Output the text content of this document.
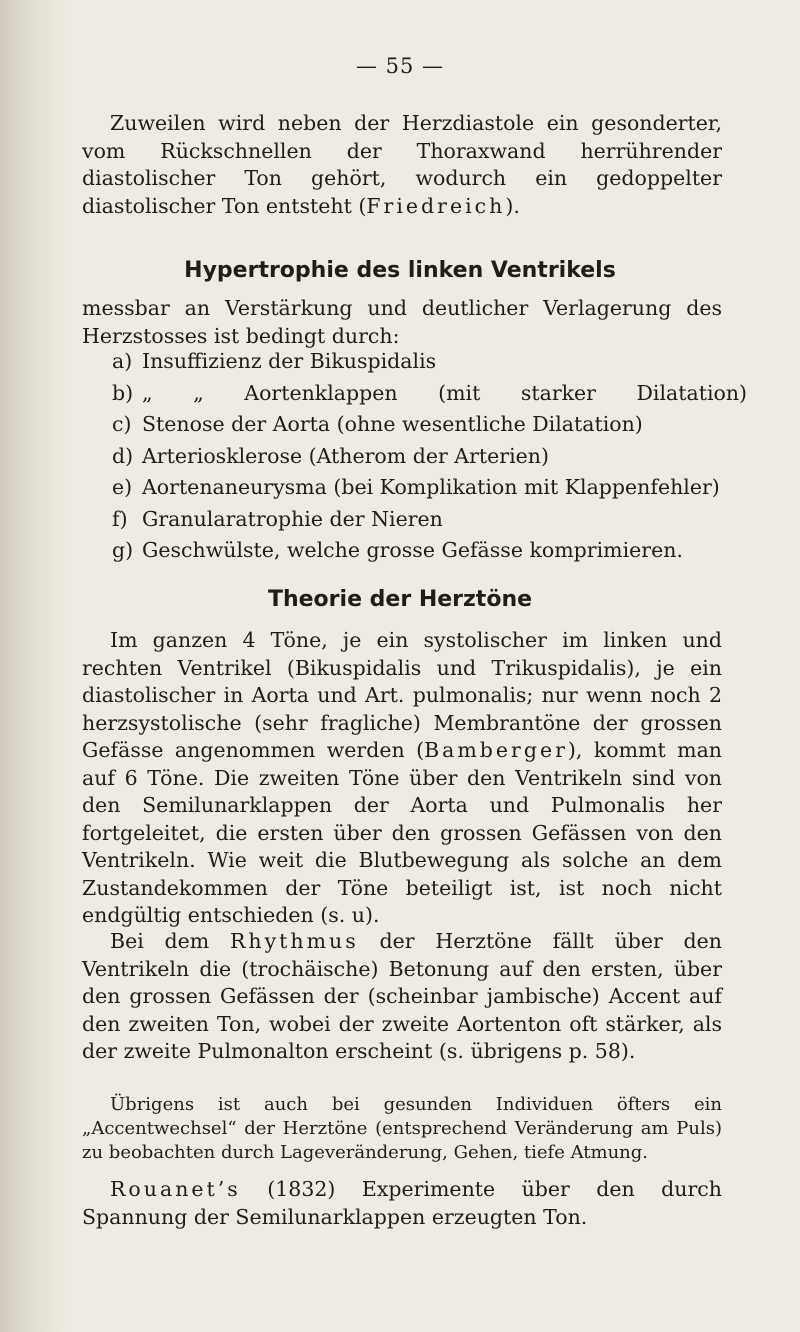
— 55 —
Zuweilen wird neben der Herzdiastole ein gesonderter, vom Rückschnellen der Thoraxwand herrührender diastolischer Ton gehört, wodurch ein gedoppelter diastolischer Ton entsteht (Friedreich).
Hypertrophie des linken Ventrikels
messbar an Verstärkung und deutlicher Verlagerung des Herzstosses ist bedingt durch:
a) Insuffizienz der Bikuspidalis
b) „ „ Aortenklappen (mit starker Dilatation)
c) Stenose der Aorta (ohne wesentliche Dilatation)
d) Arteriosklerose (Atherom der Arterien)
e) Aortenaneurysma (bei Komplikation mit Klappenfehler)
f) Granularatrophie der Nieren
g) Geschwülste, welche grosse Gefässe komprimieren.
Theorie der Herztöne
Im ganzen 4 Töne, je ein systolischer im linken und rechten Ventrikel (Bikuspidalis und Trikuspidalis), je ein diastolischer in Aorta und Art. pulmonalis; nur wenn noch 2 herzsystolische (sehr fragliche) Membrantöne der grossen Gefässe angenommen werden (Bamberger), kommt man auf 6 Töne. Die zweiten Töne über den Ventrikeln sind von den Semilunarklappen der Aorta und Pulmonalis her fortgeleitet, die ersten über den grossen Gefässen von den Ventrikeln. Wie weit die Blutbewegung als solche an dem Zustandekommen der Töne beteiligt ist, ist noch nicht endgültig entschieden (s. u).
Bei dem Rhythmus der Herztöne fällt über den Ventrikeln die (trochäische) Betonung auf den ersten, über den grossen Gefässen der (scheinbar jambische) Accent auf den zweiten Ton, wobei der zweite Aortenton oft stärker, als der zweite Pulmonalton erscheint (s. übrigens p. 58).
Übrigens ist auch bei gesunden Individuen öfters ein „Accentwechsel“ der Herztöne (entsprechend Veränderung am Puls) zu beobachten durch Lageveränderung, Gehen, tiefe Atmung.
Rouanet’s (1832) Experimente über den durch Spannung der Semilunarklappen erzeugten Ton.
